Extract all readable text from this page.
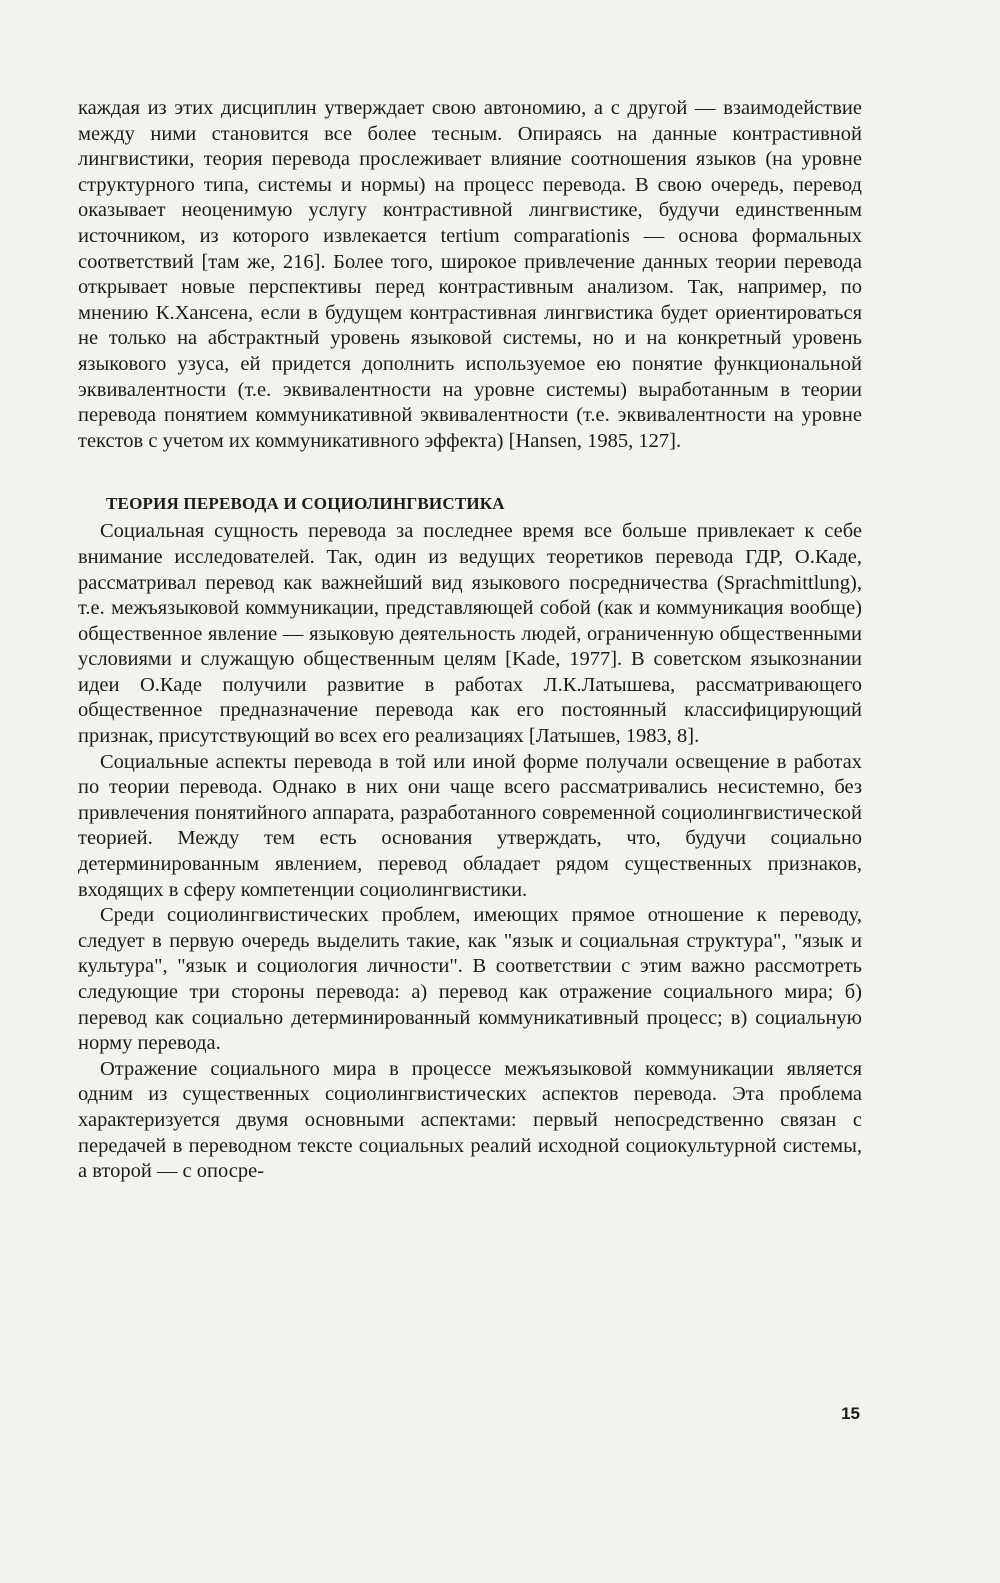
каждая из этих дисциплин утверждает свою автономию, а с другой — взаимодействие между ними становится все более тесным. Опираясь на данные контрастивной лингвистики, теория перевода прослеживает влияние соотношения языков (на уровне структурного типа, системы и нормы) на процесс перевода. В свою очередь, перевод оказывает неоценимую услугу контрастивной лингвистике, будучи единственным источником, из которого извлекается tertium comparationis — основа формальных соответствий [там же, 216]. Более того, широкое привлечение данных теории перевода открывает новые перспективы перед контрастивным анализом. Так, например, по мнению К.Хансена, если в будущем контрастивная лингвистика будет ориентироваться не только на абстрактный уровень языковой системы, но и на конкретный уровень языкового узуса, ей придется дополнить используемое ею понятие функциональной эквивалентности (т.е. эквивалентности на уровне системы) выработанным в теории перевода понятием коммуникативной эквивалентности (т.е. эквивалентности на уровне текстов с учетом их коммуникативного эффекта) [Hansen, 1985, 127].

ТЕОРИЯ ПЕРЕВОДА И СОЦИОЛИНГВИСТИКА

Социальная сущность перевода за последнее время все больше привлекает к себе внимание исследователей. Так, один из ведущих теоретиков перевода ГДР, О.Каде, рассматривал перевод как важнейший вид языкового посредничества (Sprachmittlung), т.е. межъязыковой коммуникации, представляющей собой (как и коммуникация вообще) общественное явление — языковую деятельность людей, ограниченную общественными условиями и служащую общественным целям [Kade, 1977]. В советском языкознании идеи О.Каде получили развитие в работах Л.К.Латышева, рассматривающего общественное предназначение перевода как его постоянный классифицирующий признак, присутствующий во всех его реализациях [Латышев, 1983, 8].

Социальные аспекты перевода в той или иной форме получали освещение в работах по теории перевода. Однако в них они чаще всего рассматривались несистемно, без привлечения понятийного аппарата, разработанного современной социолингвистической теорией. Между тем есть основания утверждать, что, будучи социально детерминированным явлением, перевод обладает рядом существенных признаков, входящих в сферу компетенции социолингвистики.

Среди социолингвистических проблем, имеющих прямое отношение к переводу, следует в первую очередь выделить такие, как "язык и социальная структура", "язык и культура", "язык и социология личности". В соответствии с этим важно рассмотреть следующие три стороны перевода: а) перевод как отражение социального мира; б) перевод как социально детерминированный коммуникативный процесс; в) социальную норму перевода.

Отражение социального мира в процессе межъязыковой коммуникации является одним из существенных социолингвистических аспектов перевода. Эта проблема характеризуется двумя основными аспектами: первый непосредственно связан с передачей в переводном тексте социальных реалий исходной социокультурной системы, а второй — с опосре-

15
